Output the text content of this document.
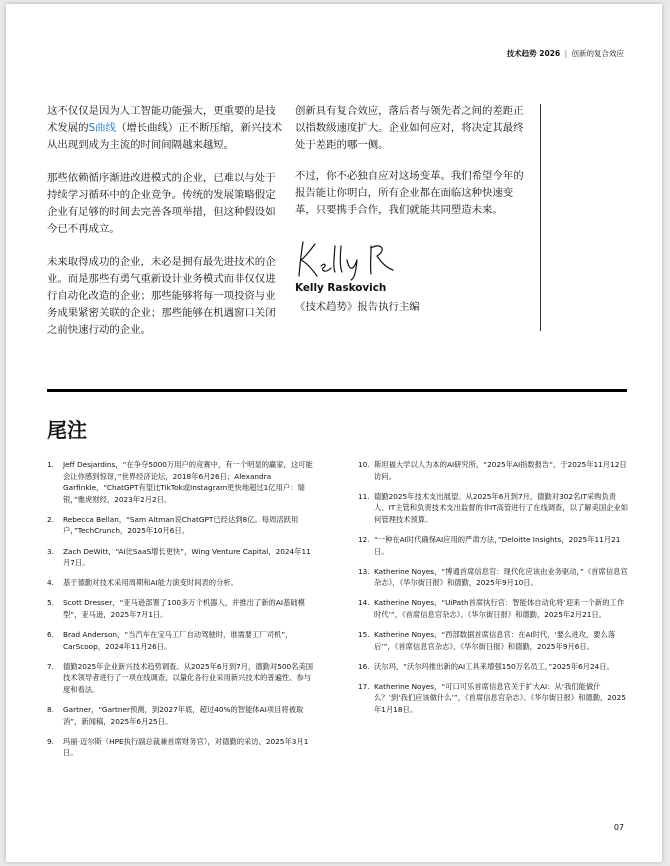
技术趋势 2026 | 创新的复合效应

这不仅仅是因为人工智能功能强大，更重要的是技术发展的S曲线（增长曲线）正不断压缩，新兴技术从出现到成为主流的时间间隔越来越短。

那些依赖循序渐进改进模式的企业，已难以与处于持续学习循环中的企业竞争。传统的发展策略假定企业有足够的时间去完善各项举措，但这种假设如今已不再成立。

未来取得成功的企业，未必是拥有最先进技术的企业。而是那些有勇气重新设计业务模式而非仅仅进行自动化改造的企业；那些能够将每一项投资与业务成果紧密关联的企业；那些能够在机遇窗口关闭之前快速行动的企业。

创新具有复合效应，落后者与领先者之间的差距正以指数级速度扩大。企业如何应对，将决定其最终处于差距的哪一侧。

不过，你不必独自应对这场变革。我们希望今年的报告能让你明白，所有企业都在面临这种快速变革，只要携手合作，我们就能共同塑造未来。

Kelly Raskovich
《技术趋势》报告执行主编
尾注
1. Jeff Desjardins，“在争夺5000万用户的竞赛中，有一个明显的赢家，这可能会让你感到惊讶，”世界经济论坛，2018年6月26日；Alexandra Garfinkle，“ChatGPT有望比TikTok或Instagram更快地超过1亿用户：瑞银，”雅虎财经，2023年2月2日。
2. Rebecca Bellan，“Sam Altman说ChatGPT已经达到8亿。每周活跃用户，”TechCrunch，2025年10月6日。
3. Zach DeWitt，“AI比SaaS增长更快”，Wing Venture Capital，2024年11月7日。
4. 基于德勤对技术采用周期和AI能力演变时间表的分析。
5. Scott Dresser，“亚马逊部署了100多万个机器人，并推出了新的AI基础模型”，亚马逊，2025年7月1日。
6. Brad Anderson，“当汽车在宝马工厂自动驾驶时，谁需要工厂司机”，CarScoop，2024年11月26日。
7. 德勤2025年企业新兴技术趋势调查。从2025年6月到7月，德勤对500名美国技术领导者进行了一项在线调查，以量化各行业采用新兴技术的普遍性、参与度和看法。
8. Gartner，“Gartner预测，到2027年底，超过40%的智能体AI项目将被取消”，新闻稿，2025年6月25日。
9. 玛丽·迈尔斯（HPE执行副总裁兼首席财务官），对德勤的采访，2025年3月1日。
10. 斯坦福大学以人为本的AI研究所，“2025年AI指数报告”，于2025年11月12日访问。
11. 德勤2025年技术支出展望。从2025年6月到7月，德勤对302名IT采购负责人、IT主管和负责技术支出监督的非IT高管进行了在线调查，以了解美国企业如何管理技术预算。
12. “一种在AI时代确保AI应用的严肃方法，”Deloitte Insights，2025年11月21日。
13. Katherine Noyes，“博通首席信息官：现代化应该由业务驱动，”《首席信息官杂志》，《华尔街日报》和德勤，2025年9月10日。
14. Katherine Noyes，“UiPath首席执行官：智能体自动化将‘迎来一个新的工作时代’”，《首席信息官杂志》、《华尔街日报》和德勤，2025年2月21日。
15. Katherine Noyes，“西部数据首席信息官：在AI时代，‘要么进攻，要么落后’”，《首席信息官杂志》、《华尔街日报》和德勤，2025年9月6日。
16. 沃尔玛，“沃尔玛推出新的AI工具来增强150万名员工，”2025年6月24日。
17. Katherine Noyes，“可口可乐首席信息官关于扩大AI：从‘我们能做什么？’到‘我们应该做什么’”，《首席信息官杂志》、《华尔街日报》和德勤，2025年1月18日。
07
